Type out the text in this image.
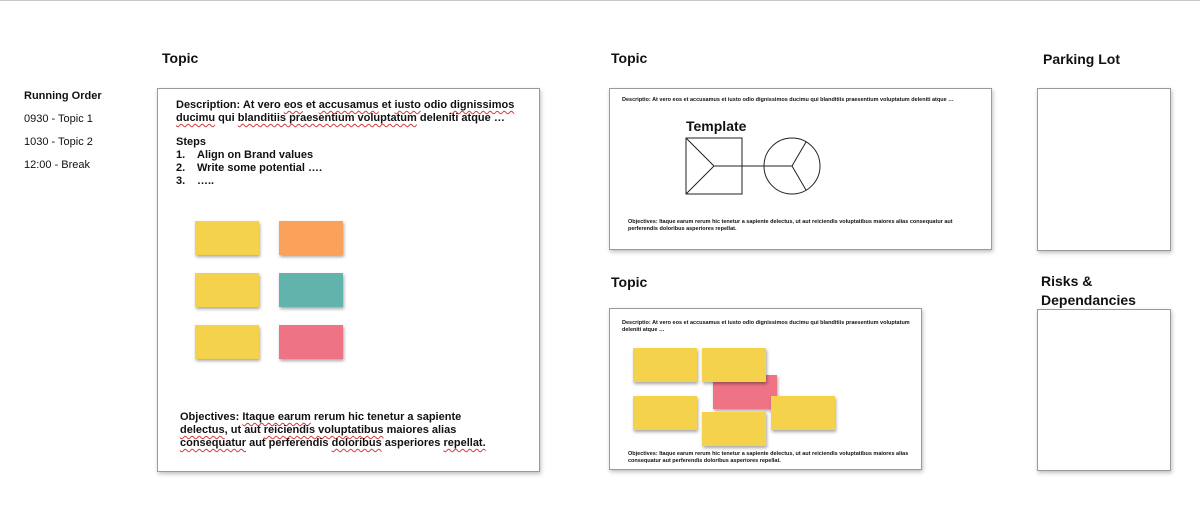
Running Order
0930 - Topic 1
1030 - Topic 2
12:00 - Break
Topic
Description: At vero eos et accusamus et iusto odio dignissimos ducimu qui blanditiis praesentium voluptatum deleniti atque …
Steps
1.	Align on Brand values
2.	Write some potential ….
3.	…..
Objectives: Itaque earum rerum hic tenetur a sapiente delectus, ut aut reiciendis voluptatibus maiores alias consequatur aut perferendis doloribus asperiores repellat.
Topic
Descriptio: At vero eos et accusamus et iusto odio dignissimos ducimu qui blanditiis praesentium voluptatum deleniti atque …
Template
Objectives: Itaque earum rerum hic tenetur a sapiente delectus, ut aut reiciendis voluptatibus maiores alias consequatur aut perferendis doloribus asperiores repellat.
Topic
Descriptio: At vero eos et accusamus et iusto odio dignissimos ducimu qui blanditiis praesentium voluptatum deleniti atque …
Objectives: Itaque earum rerum hic tenetur a sapiente delectus, ut aut reiciendis voluptatibus maiores alias consequatur aut perferendis doloribus asperiores repellat.
Parking Lot
Risks &
Dependancies
